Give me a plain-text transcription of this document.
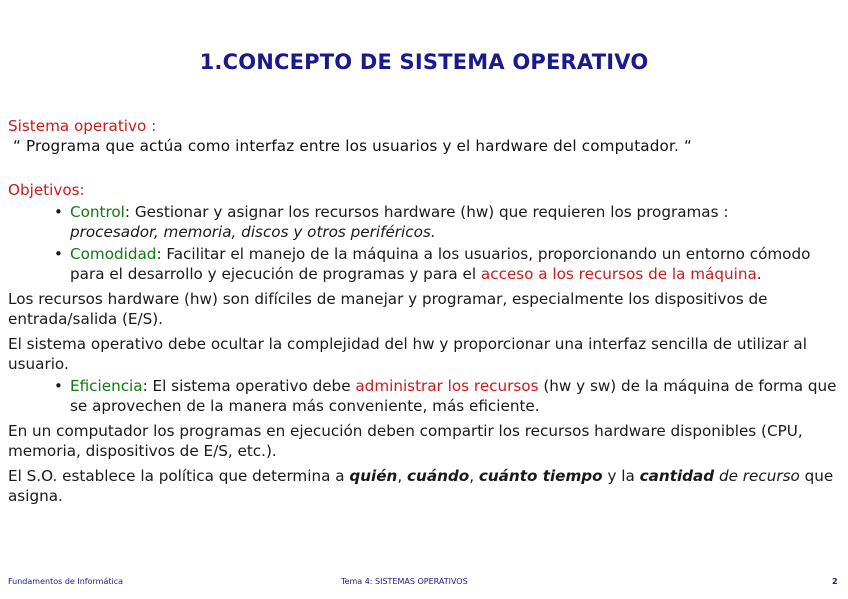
1.CONCEPTO DE SISTEMA OPERATIVO

Sistema operativo :

“ Programa que actúa como interfaz entre los usuarios y el hardware del computador. “

Objetivos:

• Control: Gestionar y asignar los recursos hardware (hw) que requieren los programas :
procesador, memoria, discos y otros periféricos.
• Comodidad: Facilitar el manejo de la máquina a los usuarios, proporcionando un entorno cómodo para el desarrollo y ejecución de programas y para el acceso a los recursos de la máquina.

Los recursos hardware (hw) son difíciles de manejar y programar, especialmente los dispositivos de entrada/salida (E/S).

El sistema operativo debe ocultar la complejidad del hw y proporcionar una interfaz sencilla de utilizar al usuario.

• Eficiencia: El sistema operativo debe administrar los recursos (hw y sw) de la máquina de forma que se aprovechen de la manera más conveniente, más eficiente.

En un computador los programas en ejecución deben compartir los recursos hardware disponibles (CPU, memoria, dispositivos de E/S, etc.).

El S.O. establece la política que determina a quién, cuándo, cuánto tiempo y la cantidad de recurso que asigna.

Fundamentos de Informática	Tema 4: SISTEMAS OPERATIVOS	2
